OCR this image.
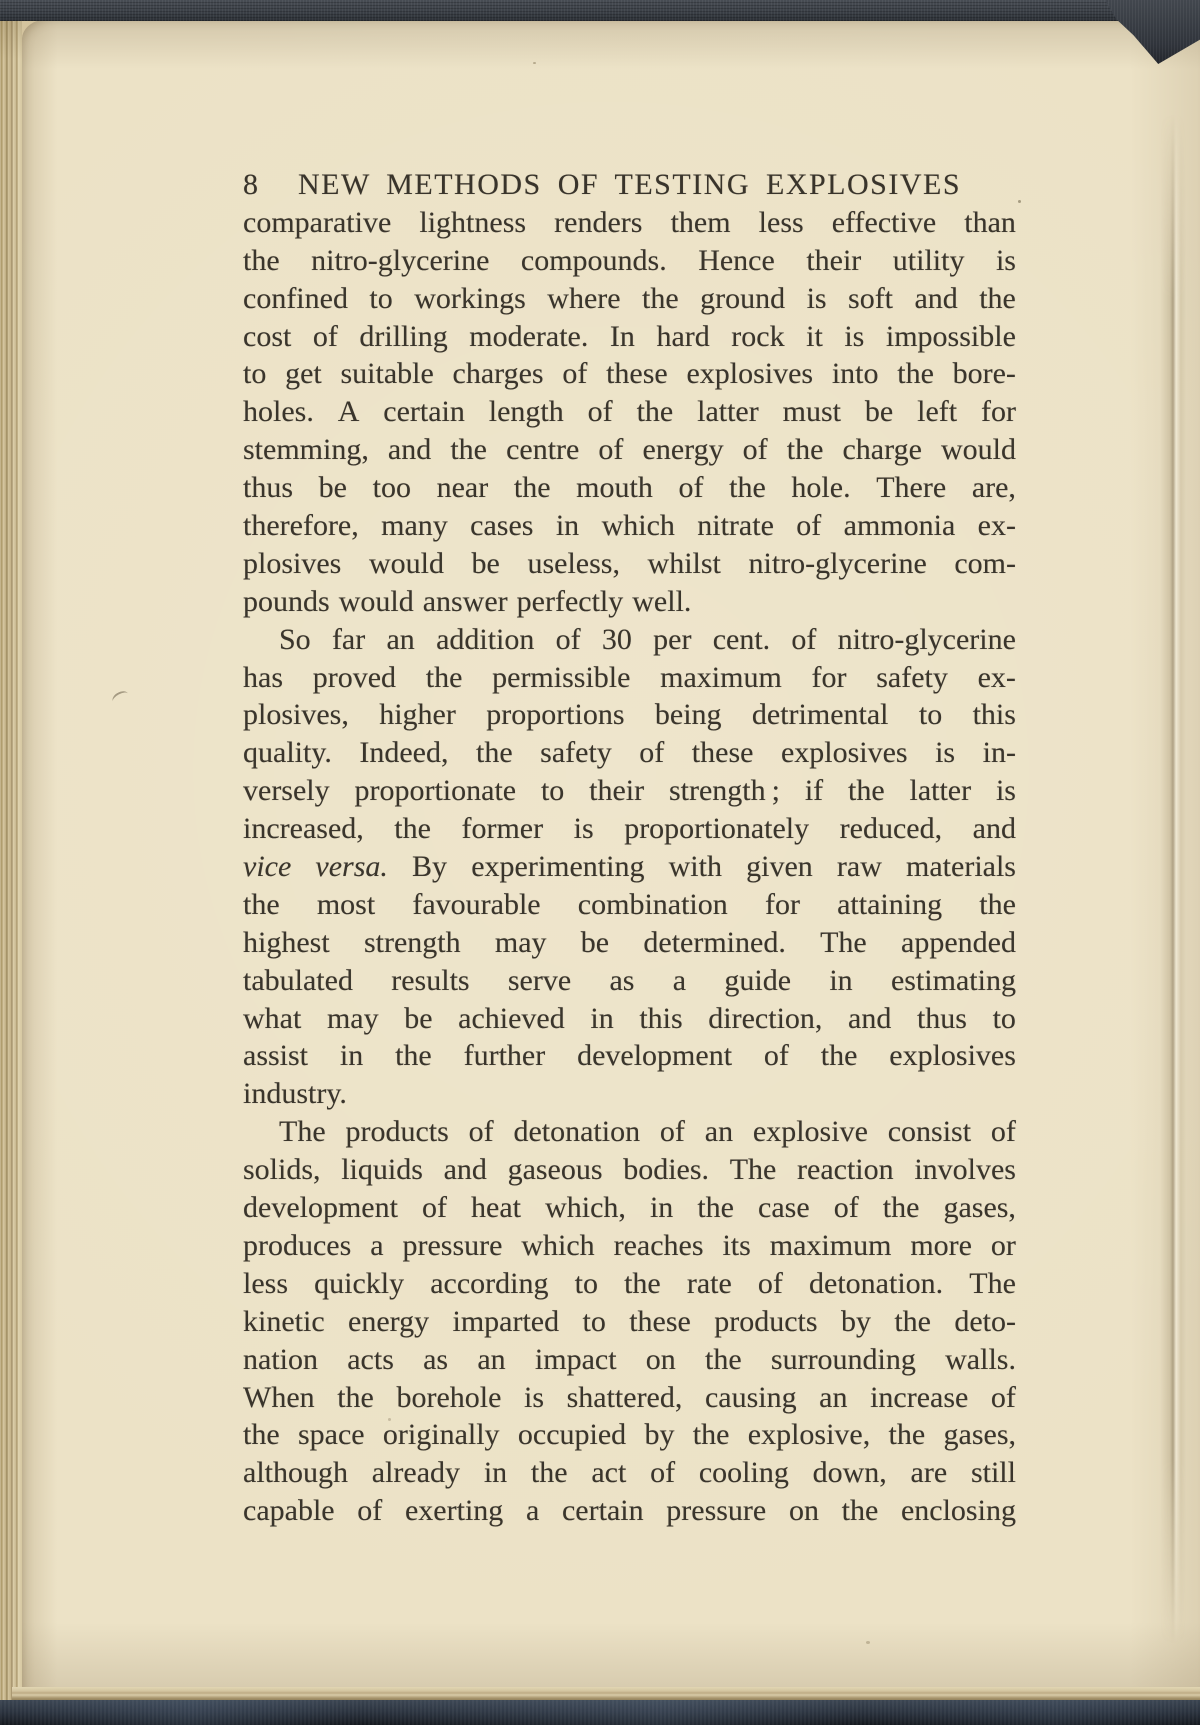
8 NEW METHODS OF TESTING EXPLOSIVES
comparative lightness renders them less effective than
the nitro-glycerine compounds. Hence their utility is
confined to workings where the ground is soft and the
cost of drilling moderate. In hard rock it is impossible
to get suitable charges of these explosives into the bore-
holes. A certain length of the latter must be left for
stemming, and the centre of energy of the charge would
thus be too near the mouth of the hole. There are,
therefore, many cases in which nitrate of ammonia ex-
plosives would be useless, whilst nitro-glycerine com-
pounds would answer perfectly well.
So far an addition of 30 per cent. of nitro-glycerine
has proved the permissible maximum for safety ex-
plosives, higher proportions being detrimental to this
quality. Indeed, the safety of these explosives is in-
versely proportionate to their strength ; if the latter is
increased, the former is proportionately reduced, and
vice versa. By experimenting with given raw materials
the most favourable combination for attaining the
highest strength may be determined. The appended
tabulated results serve as a guide in estimating
what may be achieved in this direction, and thus to
assist in the further development of the explosives
industry.
The products of detonation of an explosive consist of
solids, liquids and gaseous bodies. The reaction involves
development of heat which, in the case of the gases,
produces a pressure which reaches its maximum more or
less quickly according to the rate of detonation. The
kinetic energy imparted to these products by the deto-
nation acts as an impact on the surrounding walls.
When the borehole is shattered, causing an increase of
the space originally occupied by the explosive, the gases,
although already in the act of cooling down, are still
capable of exerting a certain pressure on the enclosing
